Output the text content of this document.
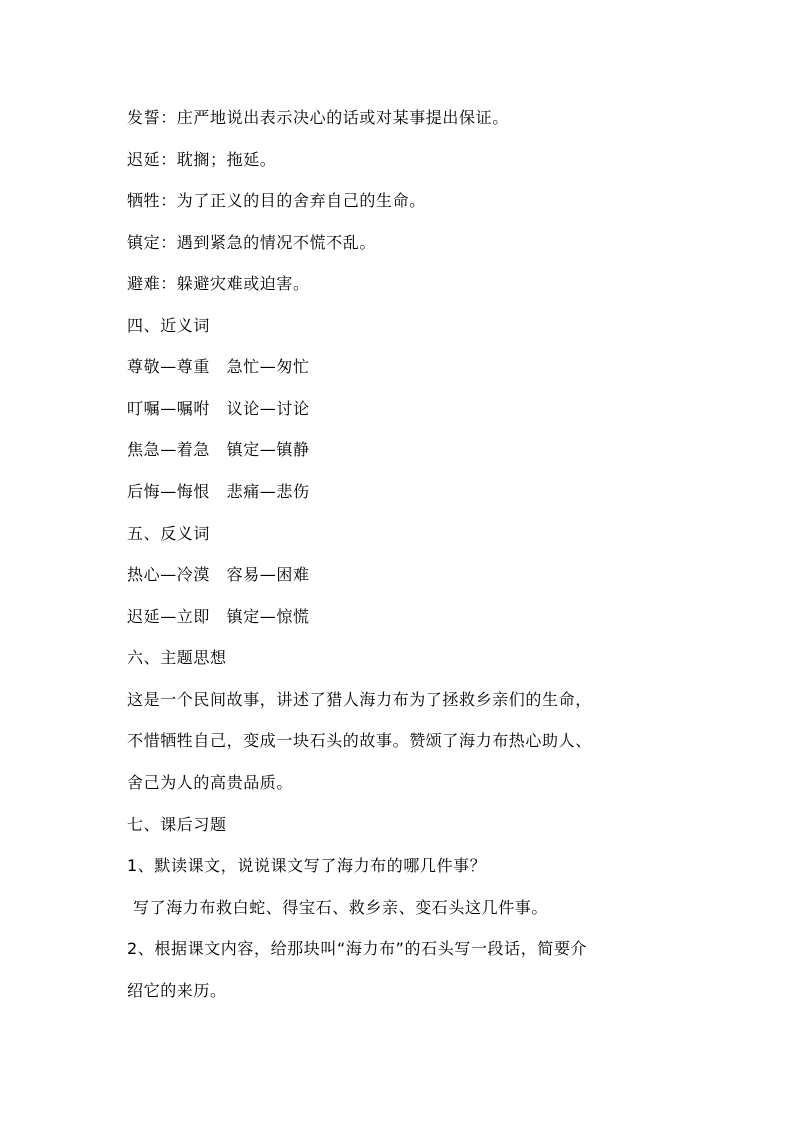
发誓：庄严地说出表示决心的话或对某事提出保证。
迟延：耽搁；拖延。
牺牲：为了正义的目的舍弃自己的生命。
镇定：遇到紧急的情况不慌不乱。
避难：躲避灾难或迫害。
四、近义词
尊敬—尊重　急忙—匆忙
叮嘱—嘱咐　议论—讨论
焦急—着急　镇定—镇静
后悔—悔恨　悲痛—悲伤
五、反义词
热心—冷漠　容易—困难
迟延—立即　镇定—惊慌
六、主题思想
这是一个民间故事，讲述了猎人海力布为了拯救乡亲们的生命，
不惜牺牲自己，变成一块石头的故事。赞颂了海力布热心助人、
舍己为人的高贵品质。
七、课后习题
1、默读课文，说说课文写了海力布的哪几件事？
写了海力布救白蛇、得宝石、救乡亲、变石头这几件事。
2、根据课文内容，给那块叫“海力布”的石头写一段话，简要介
绍它的来历。
